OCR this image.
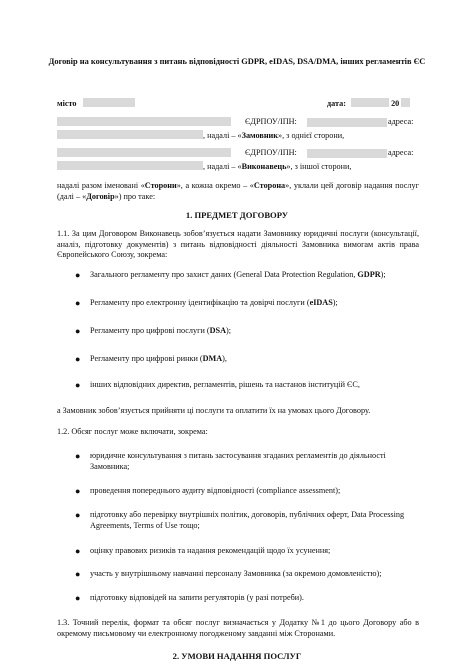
Договір на консультування з питань відповідності GDPR, eIDAS, DSA/DMA, інших регламентів ЄС
місто	дата:	20
ЄДРПОУ/ІПН:	адреса:
, надалі – «Замовник», з однієї сторони,
ЄДРПОУ/ІПН:	адреса:
, надалі – «Виконавець», з іншої сторони,
надалі разом іменовані «Сторони», а кожна окремо – «Сторона», уклали цей договір надання послуг (далі – «Договір») про таке:
1. ПРЕДМЕТ ДОГОВОРУ
1.1. За цим Договором Виконавець зобов’язується надати Замовнику юридичні послуги (консультації, аналіз, підготовку документів) з питань відповідності діяльності Замовника вимогам актів права Європейського Союзу, зокрема:
● Загального регламенту про захист даних (General Data Protection Regulation, GDPR);
● Регламенту про електронну ідентифікацію та довірчі послуги (eIDAS);
● Регламенту про цифрові послуги (DSA);
● Регламенту про цифрові ринки (DMA),
● інших відповідних директив, регламентів, рішень та настанов інституцій ЄС,
а Замовник зобов’язується прийняти ці послуги та оплатити їх на умовах цього Договору.
1.2. Обсяг послуг може включати, зокрема:
● юридичне консультування з питань застосування згаданих регламентів до діяльності Замовника;
● проведення попереднього аудиту відповідності (compliance assessment);
● підготовку або перевірку внутрішніх політик, договорів, публічних оферт, Data Processing Agreements, Terms of Use тощо;
● оцінку правових ризиків та надання рекомендацій щодо їх усунення;
● участь у внутрішньому навчанні персоналу Замовника (за окремою домовленістю);
● підготовку відповідей на запити регуляторів (у разі потреби).
1.3. Точний перелік, формат та обсяг послуг визначається у Додатку №1 до цього Договору або в окремому письмовому чи електронному погодженому завданні між Сторонами.
2. УМОВИ НАДАННЯ ПОСЛУГ
